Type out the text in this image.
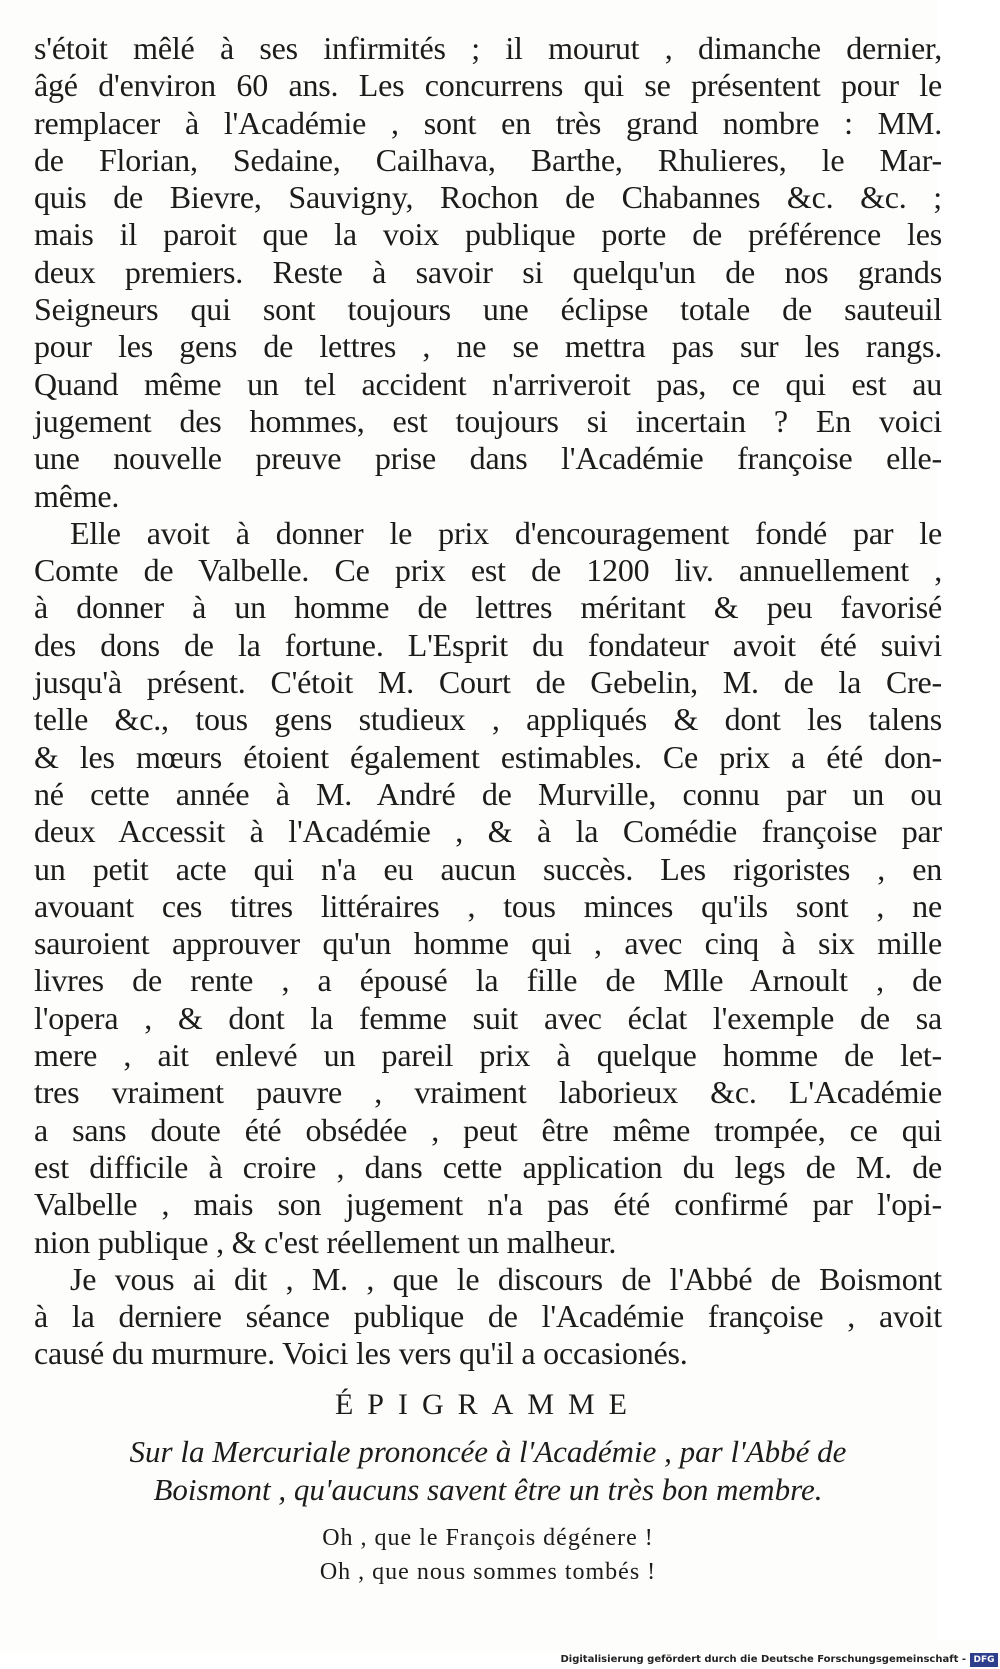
s'étoit mêlé à ses infirmités ; il mourut , dimanche dernier,
âgé d'environ 60 ans. Les concurrens qui se présentent pour le
remplacer à l'Académie , sont en très grand nombre : MM.
de Florian, Sedaine, Cailhava, Barthe, Rhulieres, le Mar-
quis de Bievre, Sauvigny, Rochon de Chabannes &c. &c. ;
mais il paroit que la voix publique porte de préférence les
deux premiers. Reste à savoir si quelqu'un de nos grands
Seigneurs qui sont toujours une éclipse totale de sauteuil
pour les gens de lettres , ne se mettra pas sur les rangs.
Quand même un tel accident n'arriveroit pas, ce qui est au
jugement des hommes, est toujours si incertain ? En voici
une nouvelle preuve prise dans l'Académie françoise elle-
même.

Elle avoit à donner le prix d'encouragement fondé par le
Comte de Valbelle. Ce prix est de 1200 liv. annuellement ,
à donner à un homme de lettres méritant & peu favorisé
des dons de la fortune. L'Esprit du fondateur avoit été suivi
jusqu'à présent. C'étoit M. Court de Gebelin, M. de la Cre-
telle &c., tous gens studieux , appliqués & dont les talens
& les mœurs étoient également estimables. Ce prix a été don-
né cette année à M. André de Murville, connu par un ou
deux Accessit à l'Académie , & à la Comédie françoise par
un petit acte qui n'a eu aucun succès. Les rigoristes , en
avouant ces titres littéraires , tous minces qu'ils sont , ne
sauroient approuver qu'un homme qui , avec cinq à six mille
livres de rente , a épousé la fille de Mlle Arnoult , de
l'opera , & dont la femme suit avec éclat l'exemple de sa
mere , ait enlevé un pareil prix à quelque homme de let-
tres vraiment pauvre , vraiment laborieux &c. L'Académie
a sans doute été obsédée , peut être même trompée, ce qui
est difficile à croire , dans cette application du legs de M. de
Valbelle , mais son jugement n'a pas été confirmé par l'opi-
nion publique , & c'est réellement un malheur.

Je vous ai dit , M. , que le discours de l'Abbé de Boismont
à la derniere séance publique de l'Académie françoise , avoit
causé du murmure. Voici les vers qu'il a occasionés.

ÉPIGRAMME
Sur la Mercuriale prononcée à l'Académie , par l'Abbé de
Boismont , qu'aucuns savent être un très bon membre.
Oh , que le François dégénere !
Oh , que nous sommes tombés !
Digitalisierung gefördert durch die Deutsche Forschungsgemeinschaft - DFG
